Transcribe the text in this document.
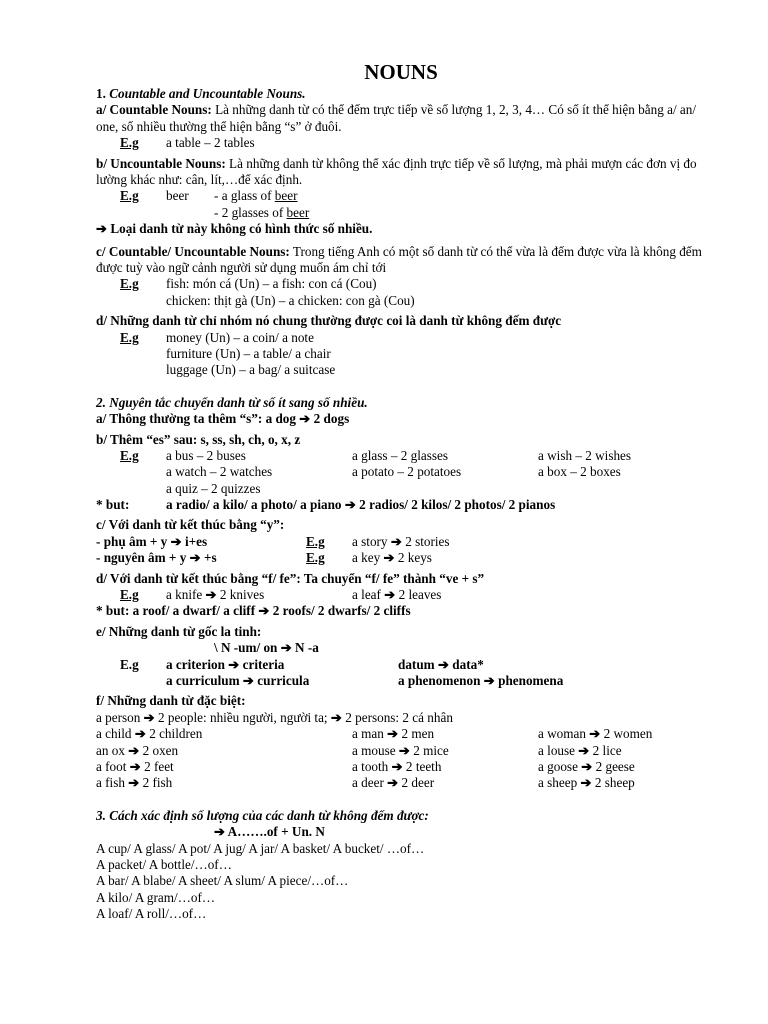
NOUNS
1. Countable and Uncountable Nouns.
a/ Countable Nouns: Là những danh từ có thể đếm trực tiếp về số lượng 1, 2, 3, 4… Có số ít thể hiện bằng a/ an/ one, số nhiều thường thể hiện bằng “s” ở đuôi.
E.g a table – 2 tables
b/ Uncountable Nouns: Là những danh từ không thể xác định trực tiếp về số lượng, mà phải mượn các đơn vị đo lường khác như: cân, lít,…để xác định.
E.g	beer - a glass of beer
- 2 glasses of beer
➔ Loại danh từ này không có hình thức số nhiều.
c/ Countable/ Uncountable Nouns: Trong tiếng Anh có một số danh từ có thể vừa là đếm được vừa là không đếm được tuỳ vào ngữ cảnh người sử dụng muốn ám chỉ tới
E.g fish: món cá (Un) – a fish: con cá (Cou)
chicken: thịt gà (Un) – a chicken: con gà (Cou)
d/ Những danh từ chỉ nhóm nó chung thường được coi là danh từ không đếm được
E.g money (Un) – a coin/ a note
furniture (Un) – a table/ a chair
luggage (Un) – a bag/ a suitcase
2. Nguyên tắc chuyển danh từ số ít sang số nhiều.
a/ Thông thường ta thêm “s”: a dog ➔ 2 dogs
b/ Thêm “es” sau: s, ss, sh, ch, o, x, z
E.g	a bus – 2 buses	a glass – 2 glasses	a wish – 2 wishes
a watch – 2 watches	a potato – 2 potatoes	a box – 2 boxes
a quiz – 2 quizzes
* but:	a radio/ a kilo/ a photo/ a piano ➔ 2 radios/ 2 kilos/ 2 photos/ 2 pianos
c/ Với danh từ kết thúc bằng “y”:
- phụ âm + y ➔ i+es	E.g	a story ➔ 2 stories
- nguyên âm + y ➔ +s	E.g	a key ➔ 2 keys
d/ Với danh từ kết thúc bằng “f/ fe”: Ta chuyển “f/ fe” thành “ve + s”
E.g	a knife ➔ 2 knives	a leaf ➔ 2 leaves
* but: a roof/ a dwarf/ a cliff ➔ 2 roofs/ 2 dwarfs/ 2 cliffs
e/ Những danh từ gốc la tinh:
\ N -um/ on ➔ N -a
E.g a criterion ➔ criteria	datum ➔ data*
a curriculum ➔ curricula	a phenomenon ➔ phenomena
f/ Những danh từ đặc biệt:
a person ➔ 2 people: nhiều người, người ta; ➔ 2 persons: 2 cá nhân
a child ➔ 2 children	a man ➔ 2 men	a woman ➔ 2 women
an ox ➔ 2 oxen	a mouse ➔ 2 mice	a louse ➔ 2 lice
a foot ➔ 2 feet	a tooth ➔ 2 teeth	a goose ➔ 2 geese
a fish ➔ 2 fish	a deer ➔ 2 deer	a sheep ➔ 2 sheep
3. Cách xác định số lượng của các danh từ không đếm được:
➔ A…….of + Un. N
A cup/ A glass/ A pot/ A jug/ A jar/ A basket/ A bucket/ …of…
A packet/ A bottle/…of…
A bar/ A blabe/ A sheet/ A slum/ A piece/…of…
A kilo/ A gram/…of…
A loaf/ A roll/…of…
